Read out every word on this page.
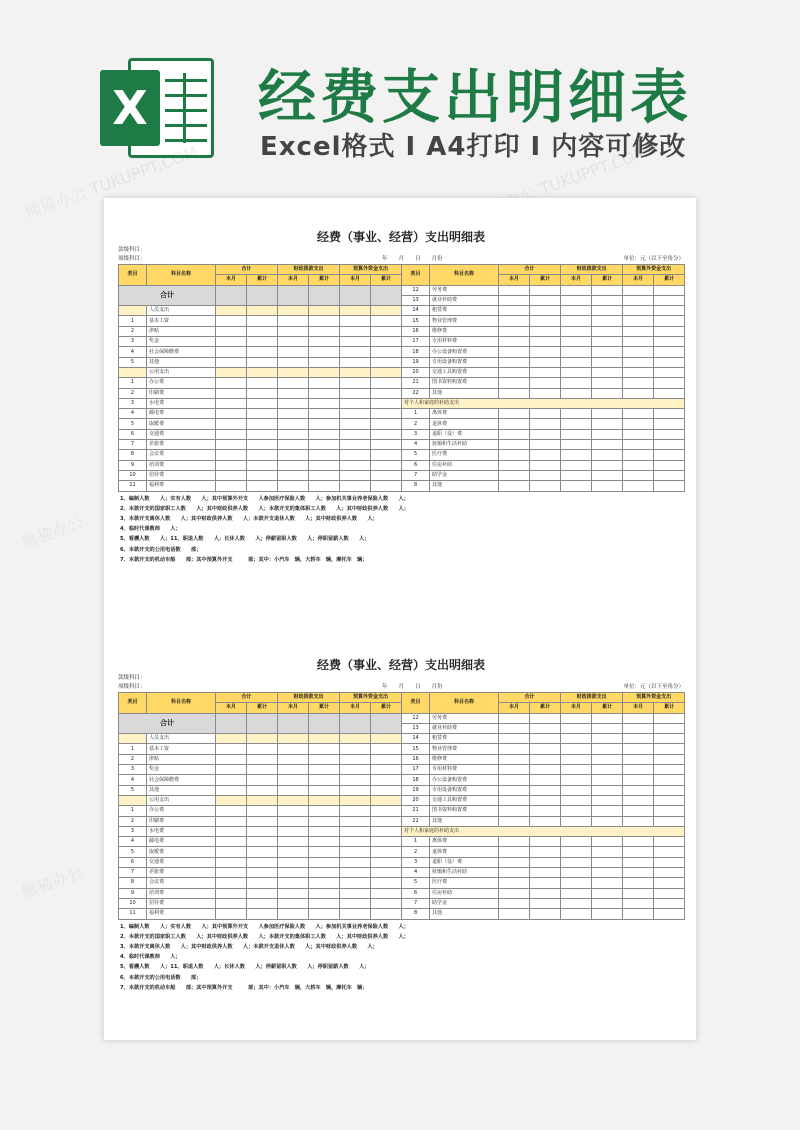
X 经费支出明细表
Excel格式 Ⅰ A4打印 Ⅰ 内容可修改
熊猫办公 TUKUPPT.COM	熊猫办公 TUKUPPT.COM
熊猫办公
熊猫办公
经费（事业、经营）支出明细表
款级科目：
项级科目：	年　　月　　日　　月份	单位：元（以下至角分）
类目	科目名称	合计		财政拨款支出		预算外资金支出		类目	科目名称	合计		财政拨款支出		预算外资金支出	
		本月	累计	本月	累计	本月	累计			本月	累计	本月	累计	本月	累计
合计								12	劳务费						
								13	就业补助费						
	人员支出							14	租赁费						
1	基本工资							15	物业管理费						
2	津贴							16	维修费						
3	奖金							17	专用材料费						
4	社会保障缴费							18	办公设备购置费						
5	其他							19	专用设备购置费						
	公用支出							20	交通工具购置费						
1	办公费							21	图书资料购置费						
2	印刷费							22	其他						
3	水电费							对个人和家庭的补助支出							
4	邮电费							1	离休费						
5	取暖费							2	退休费						
6	交通费							3	退职（役）费						
7	差旅费							4	抚恤和生活补助						
8	会议费							5	医疗费						
9	培训费							6	住房补助						
10	招待费							7	助学金						
11	福利费							8	其他						
1、编制人数　　人；实有人数　　人；其中预算外开支　　人参加医疗保险人数　　人；参加机关事业养老保险人数　　人；
2、本款开支的国家职工人数　　人；其中财政供养人数　　人；本款开支的集体职工人数　　人；其中财政供养人数　　人；
3、本款开支离休人数　　人；其中财政供养人数　　人；本款开支退休人数　　人；其中财政供养人数　　人；
4、临时代课教师　　人；
5、看護人数　　人；11、职退人数　　人；长休人数　　人；停薪留职人数　　人；停职留薪人数　　人；
6、本款开支的公用电话数　　部；
7、本款开支的机动车船　　部；其中预算外开支　　　部；其中：小汽车　辆，大轿车　辆，摩托车　辆；
经费（事业、经营）支出明细表
款级科目：
项级科目：	年　　月　　日　　月份	单位：元（以下至角分）
类目	科目名称	合计		财政拨款支出		预算外资金支出		类目	科目名称	合计		财政拨款支出		预算外资金支出	
		本月	累计	本月	累计	本月	累计			本月	累计	本月	累计	本月	累计
合计								12	劳务费						
								13	就业补助费						
	人员支出							14	租赁费						
1	基本工资							15	物业管理费						
2	津贴							16	维修费						
3	奖金							17	专用材料费						
4	社会保障缴费							18	办公设备购置费						
5	其他							19	专用设备购置费						
	公用支出							20	交通工具购置费						
1	办公费							21	图书资料购置费						
2	印刷费							22	其他						
3	水电费							对个人和家庭的补助支出							
4	邮电费							1	离休费						
5	取暖费							2	退休费						
6	交通费							3	退职（役）费						
7	差旅费							4	抚恤和生活补助						
8	会议费							5	医疗费						
9	培训费							6	住房补助						
10	招待费							7	助学金						
11	福利费							8	其他						
1、编制人数　　人；实有人数　　人；其中预算外开支　　人参加医疗保险人数　　人；参加机关事业养老保险人数　　人；
2、本款开支的国家职工人数　　人；其中财政供养人数　　人；本款开支的集体职工人数　　人；其中财政供养人数　　人；
3、本款开支离休人数　　人；其中财政供养人数　　人；本款开支退休人数　　人；其中财政供养人数　　人；
4、临时代课教师　　人；
5、看護人数　　人；11、职退人数　　人；长休人数　　人；停薪留职人数　　人；停职留薪人数　　人；
6、本款开支的公用电话数　　部；
7、本款开支的机动车船　　部；其中预算外开支　　　部；其中：小汽车　辆，大轿车　辆，摩托车　辆；
